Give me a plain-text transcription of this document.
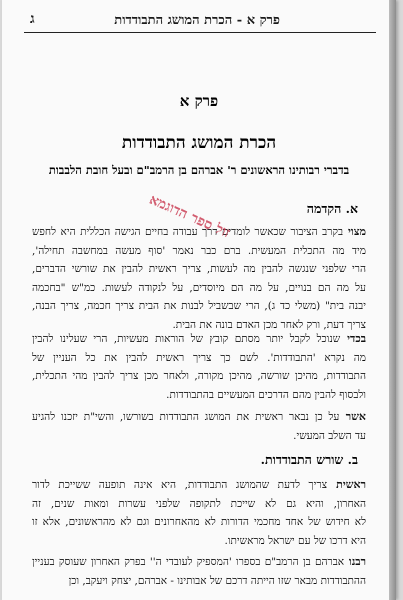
פרק א - הכרת המושג התבודדות
ג
פרק א
הכרת המושג התבודדות
בדברי רבותינו הראשונים ר' אברהם בן הרמב"ם ובעל חובת הלבבות
א. הקדמה
מצוי בקרב הציבור שכאשר לומדים דרך עבודה בחיים הגישה הכללית היא לחפש
מיד מה התכלית המעשית. ברם כבר נאמר 'סוף מעשה במחשבה תחילה',
הרי שלפני שנגשה להבין מה לעשות, צריך ראשית להבין את שורשי הדברים,
על מה הם בנויים, על מה הם מיוסדים, על לנקודה לעשות. כמ"ש "בחכמה
יבנה בית" (משלי כד ג), הרי שבשביל לבנות את הבית צריך חכמה, צריך הבנה,
צריך דעת, ורק לאחר מכן האדם בונה את הבית.
בכדי שנוכל לקבל יותר מסתם קובץ של הוראות מעשיות, הרי שעלינו להבין
מה נקרא 'התבודדות'. לשם כך צריך ראשית להבין את כל העניין של
התבודדות, מהיכן שורשה, מהיכן מקורה, ולאחר מכן צריך להבין מהי התכלית,
ולבסוף להבין מהם הדרכים המעשיים בהתבודדות.
אשר על כן נבאר ראשית את המושג התבודדות בשורשו, והשי"ת יזכנו להגיע
עד השלב המעשי.
ב. שורש התבודדות.
ראשית צריך לדעת שהמושג התבודדות, היא אינה תופעה ששייכת לדור
האחרון, והיא גם לא שייכת לתקופה שלפני עשרות ומאות שנים, זה
לא חידוש של אחד מחכמי הדורות לא מהאחרונים וגם לא מהראשונים, אלא זו
היא דרכו של עם ישראל מראשיתו.
רבנו אברהם בן הרמב"ם בספרו 'המספיק לעובדי ה'' בפרק האחרון שעוסק בעניין
ההתבודדות מבאר שזו הייתה דרכם של אבותינו - אברהם, יצחק ויעקב, וכן
זול ספר הדוגמא
